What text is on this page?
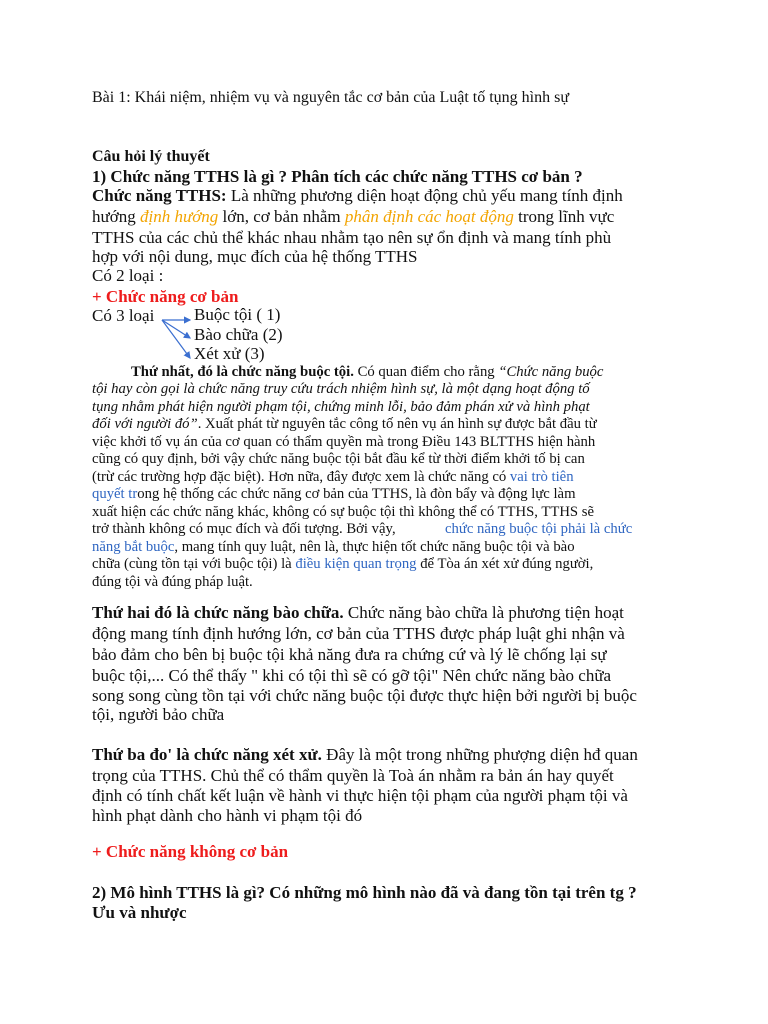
Bài 1: Khái niệm, nhiệm vụ và nguyên tắc cơ bản của Luật tố tụng hình sự
Câu hỏi lý thuyết
1) Chức năng TTHS là gì ? Phân tích các chức năng TTHS cơ bản ?
Chức năng TTHS: Là những phương diện hoạt động chủ yếu mang tính định
hướng định hướng lớn, cơ bản nhằm phân định các hoạt động trong lĩnh vực
TTHS của các chủ thể khác nhau nhằm tạo nên sự ổn định và mang tính phù
hợp với nội dung, mục đích của hệ thống TTHS
Có 2 loại :
+ Chức năng cơ bản
Có 3 loại Buộc tội ( 1)
Bào chữa (2)
Xét xử (3)
Thứ nhất, đó là chức năng buộc tội. Có quan điểm cho rằng “Chức năng buộc
tội hay còn gọi là chức năng truy cứu trách nhiệm hình sự, là một dạng hoạt động tố
tụng nhằm phát hiện người phạm tội, chứng minh lỗi, bảo đảm phán xử và hình phạt
đối với người đó”. Xuất phát từ nguyên tắc công tố nên vụ án hình sự được bắt đầu từ
việc khởi tố vụ án của cơ quan có thẩm quyền mà trong Điều 143 BLTTHS hiện hành
cũng có quy định, bởi vậy chức năng buộc tội bắt đầu kể từ thời điểm khởi tố bị can
(trừ các trường hợp đặc biệt). Hơn nữa, đây được xem là chức năng có vai trò tiên
quyết trong hệ thống các chức năng cơ bản của TTHS, là đòn bẩy và động lực làm
xuất hiện các chức năng khác, không có sự buộc tội thì không thể có TTHS, TTHS sẽ
trở thành không có mục đích và đối tượng. Bởi vậy,	chức năng buộc tội phải là chức
năng bắt buộc, mang tính quy luật, nên là, thực hiện tốt chức năng buộc tội và bào
chữa (cùng tồn tại với buộc tội) là điều kiện quan trọng để Tòa án xét xử đúng người,
đúng tội và đúng pháp luật.
Thứ hai đó là chức năng bào chữa. Chức năng bào chữa là phương tiện hoạt
động mang tính định hướng lớn, cơ bản của TTHS được pháp luật ghi nhận và
bảo đảm cho bên bị buộc tội khả năng đưa ra chứng cứ và lý lẽ chống lại sự
buộc tội,... Có thể thấy " khi có tội thì sẽ có gỡ tội" Nên chức năng bào chữa
song song cùng tồn tại với chức năng buộc tội được thực hiện bởi người bị buộc
tội, người bảo chữa
Thứ ba đo' là chức năng xét xử. Đây là một trong những phượng diện hđ quan
trọng của TTHS. Chủ thể có thẩm quyền là Toà án nhằm ra bản án hay quyết
định có tính chất kết luận về hành vi thực hiện tội phạm của người phạm tội và
hình phạt dành cho hành vi phạm tội đó
+ Chức năng không cơ bản
2) Mô hình TTHS là gì? Có những mô hình nào đã và đang tồn tại trên tg ?
Ưu và nhược
